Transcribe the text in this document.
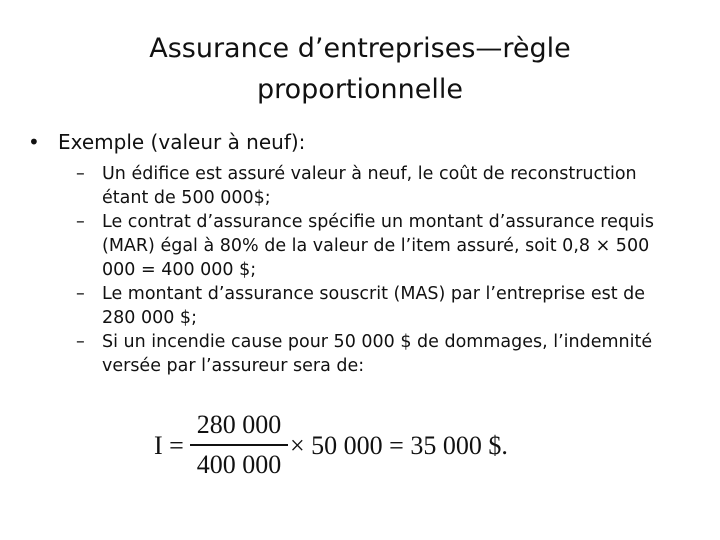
Assurance d’entreprises—règle
proportionnelle
• Exemple (valeur à neuf):
– Un édifice est assuré valeur à neuf, le coût de reconstruction
étant de 500 000$;
– Le contrat d’assurance spécifie un montant d’assurance requis
(MAR) égal à 80% de la valeur de l’item assuré, soit 0,8 × 500
000 = 400 000 $;
– Le montant d’assurance souscrit (MAS) par l’entreprise est de
280 000 $;
– Si un incendie cause pour 50 000 $ de dommages, l’indemnité
versée par l’assureur sera de:
I =
280 000
400 000
× 50 000 = 35 000 $.
